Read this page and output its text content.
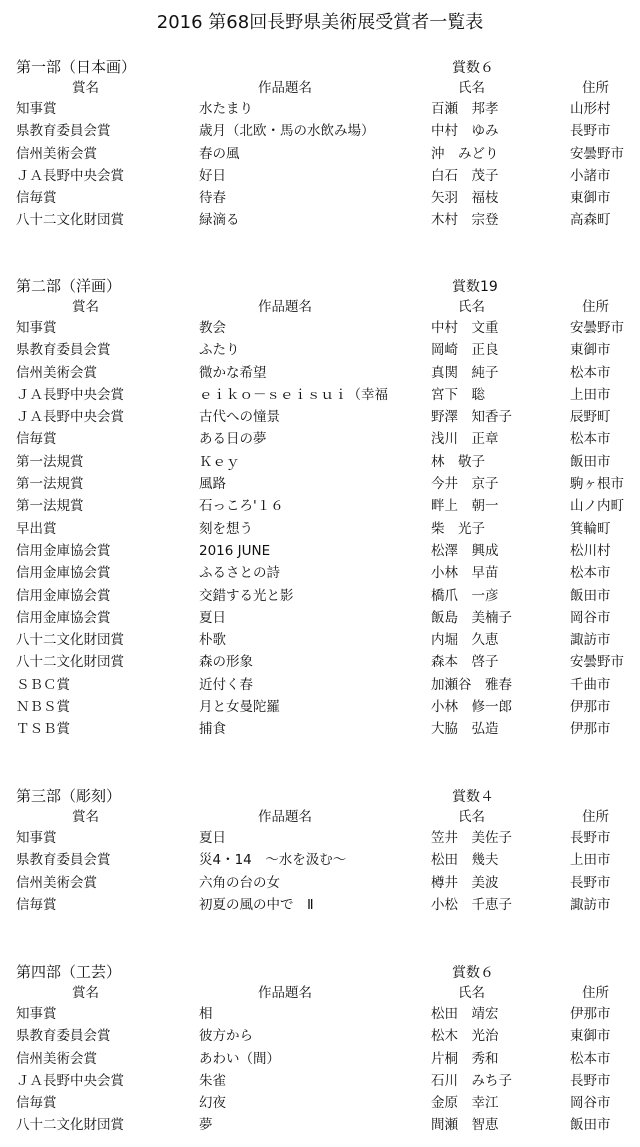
2016 第68回長野県美術展受賞者一覧表
第一部（日本画）	賞数６
賞名	作品題名	氏名	住所
知事賞	水たまり	百瀬　邦孝	山形村
県教育委員会賞	歳月（北欧・馬の水飲み場）	中村　ゆみ	長野市
信州美術会賞	春の風	沖　みどり	安曇野市
ＪＡ長野中央会賞	好日	白石　茂子	小諸市
信毎賞	待春	矢羽　福枝	東御市
八十二文化財団賞	緑滴る	木村　宗登	高森町
第二部（洋画）	賞数19
賞名	作品題名	氏名	住所
知事賞	教会	中村　文重	安曇野市
県教育委員会賞	ふたり	岡崎　正良	東御市
信州美術会賞	微かな希望	真関　純子	松本市
ＪＡ長野中央会賞	ｅｉｋｏ－ｓｅｉｓｕｉ（幸福	宮下　聡	上田市
ＪＡ長野中央会賞	古代への憧景	野澤　知香子	辰野町
信毎賞	ある日の夢	浅川　正章	松本市
第一法規賞	Ｋｅｙ	林　敬子	飯田市
第一法規賞	風路	今井　京子	駒ヶ根市
第一法規賞	石っころ'１６	畔上　朝一	山ノ内町
早出賞	刻を想う	柴　光子	箕輪町
信用金庫協会賞	2016 JUNE	松澤　興成	松川村
信用金庫協会賞	ふるさとの詩	小林　早苗	松本市
信用金庫協会賞	交錯する光と影	橋爪　一彦	飯田市
信用金庫協会賞	夏日	飯島　美楠子	岡谷市
八十二文化財団賞	朴歌	内堀　久恵	諏訪市
八十二文化財団賞	森の形象	森本　啓子	安曇野市
ＳＢＣ賞	近付く春	加瀬谷　雅春	千曲市
ＮＢＳ賞	月と女曼陀羅	小林　修一郎	伊那市
ＴＳＢ賞	捕食	大脇　弘造	伊那市
第三部（彫刻）	賞数４
賞名	作品題名	氏名	住所
知事賞	夏日	笠井　美佐子	長野市
県教育委員会賞	災4・14　～水を汲む～	松田　幾夫	上田市
信州美術会賞	六角の台の女	樽井　美波	長野市
信毎賞	初夏の風の中で　Ⅱ	小松　千恵子	諏訪市
第四部（工芸）	賞数６
賞名	作品題名	氏名	住所
知事賞	相	松田　靖宏	伊那市
県教育委員会賞	彼方から	松木　光治	東御市
信州美術会賞	あわい（間）	片桐　秀和	松本市
ＪＡ長野中央会賞	朱雀	石川　みち子	長野市
信毎賞	幻夜	金原　幸江	岡谷市
八十二文化財団賞	夢	間瀬　智恵	飯田市
